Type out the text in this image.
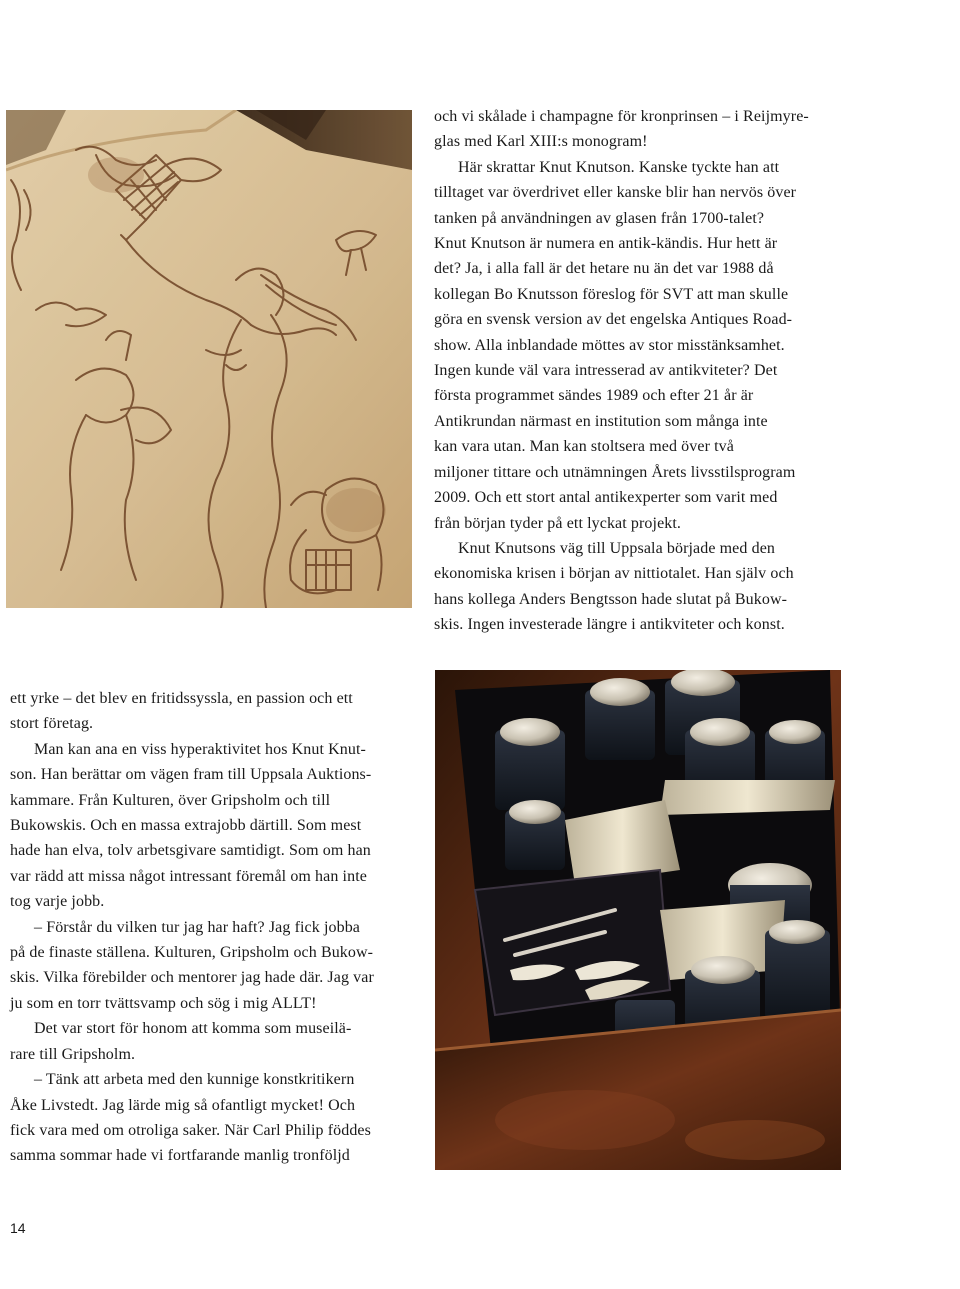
och vi skålade i champagne för kronprinsen – i Reijmyre-
glas med Karl XIII:s monogram!

Här skrattar Knut Knutson. Kanske tyckte han att
tilltaget var överdrivet eller kanske blir han nervös över
tanken på användningen av glasen från 1700-talet?
Knut Knutson är numera en antik-kändis. Hur hett är
det? Ja, i alla fall är det hetare nu än det var 1988 då
kollegan Bo Knutsson föreslog för SVT att man skulle
göra en svensk version av det engelska Antiques Road-
show. Alla inblandade möttes av stor misstänksamhet.
Ingen kunde väl vara intresserad av antikviteter? Det
första programmet sändes 1989 och efter 21 år är
Antikrundan närmast en institution som många inte
kan vara utan. Man kan stoltsera med över två
miljoner tittare och utnämningen Årets livsstilsprogram
2009. Och ett stort antal antikexperter som varit med
från början tyder på ett lyckat projekt.

Knut Knutsons väg till Uppsala började med den
ekonomiska krisen i början av nittiotalet. Han själv och
hans kollega Anders Bengtsson hade slutat på Bukow-
skis. Ingen investerade längre i antikviteter och konst.

ett yrke – det blev en fritidssyssla, en passion och ett
stort företag.

Man kan ana en viss hyperaktivitet hos Knut Knut-
son. Han berättar om vägen fram till Uppsala Auktions-
kammare. Från Kulturen, över Gripsholm och till
Bukowskis. Och en massa extrajobb därtill. Som mest
hade han elva, tolv arbetsgivare samtidigt. Som om han
var rädd att missa något intressant föremål om han inte
tog varje jobb.

– Förstår du vilken tur jag har haft? Jag fick jobba
på de finaste ställena. Kulturen, Gripsholm och Bukow-
skis. Vilka förebilder och mentorer jag hade där. Jag var
ju som en torr tvättsvamp och sög i mig ALLT!

Det var stort för honom att komma som museilä-
rare till Gripsholm.

– Tänk att arbeta med den kunnige konstkritikern
Åke Livstedt. Jag lärde mig så ofantligt mycket! Och
fick vara med om otroliga saker. När Carl Philip föddes
samma sommar hade vi fortfarande manlig tronföljd

14
